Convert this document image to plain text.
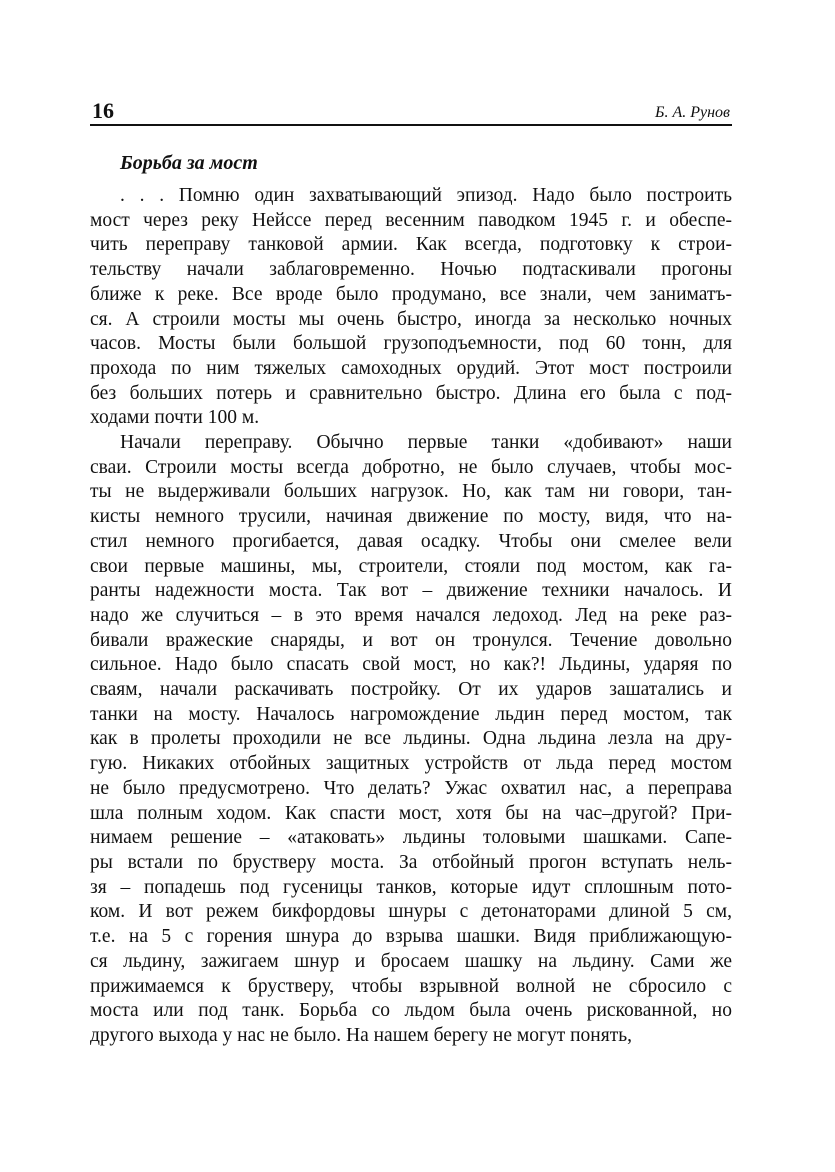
16	Б. А. Рунов
Борьба за мост
. . . Помню один захватывающий эпизод. Надо было построить
мост через реку Нейссе перед весенним паводком 1945 г. и обеспе-
чить переправу танковой армии. Как всегда, подготовку к строи-
тельству начали заблаговременно. Ночью подтаскивали прогоны
ближе к реке. Все вроде было продумано, все знали, чем заниматъ-
ся. А строили мосты мы очень быстро, иногда за несколько ночных
часов. Мосты были большой грузоподъемности, под 60 тонн, для
прохода по ним тяжелых самоходных орудий. Этот мост построили
без больших потерь и сравнительно быстро. Длина его была с под-
ходами почти 100 м.
Начали переправу. Обычно первые танки «добивают» наши
сваи. Строили мосты всегда добротно, не было случаев, чтобы мос-
ты не выдерживали больших нагрузок. Но, как там ни говори, тан-
кисты немного трусили, начиная движение по мосту, видя, что на-
стил немного прогибается, давая осадку. Чтобы они смелее вели
свои первые машины, мы, строители, стояли под мостом, как га-
ранты надежности моста. Так вот – движение техники началось. И
надо же случиться – в это время начался ледоход. Лед на реке раз-
бивали вражеские снаряды, и вот он тронулся. Течение довольно
сильное. Надо было спасать свой мост, но как?! Льдины, ударяя по
сваям, начали раскачивать постройку. От их ударов зашатались и
танки на мосту. Началось нагромождение льдин перед мостом, так
как в пролеты проходили не все льдины. Одна льдина лезла на дру-
гую. Никаких отбойных защитных устройств от льда перед мостом
не было предусмотрено. Что делать? Ужас охватил нас, а переправа
шла полным ходом. Как спасти мост, хотя бы на час–другой? При-
нимаем решение – «атаковать» льдины толовыми шашками. Сапе-
ры встали по брустверу моста. За отбойный прогон вступать нель-
зя – попадешь под гусеницы танков, которые идут сплошным пото-
ком. И вот режем бикфордовы шнуры с детонаторами длиной 5 см,
т.е. на 5 с горения шнура до взрыва шашки. Видя приближающую-
ся льдину, зажигаем шнур и бросаем шашку на льдину. Сами же
прижимаемся к брустверу, чтобы взрывной волной не сбросило с
моста или под танк. Борьба со льдом была очень рискованной, но
другого выхода у нас не было. На нашем берегу не могут понять,
